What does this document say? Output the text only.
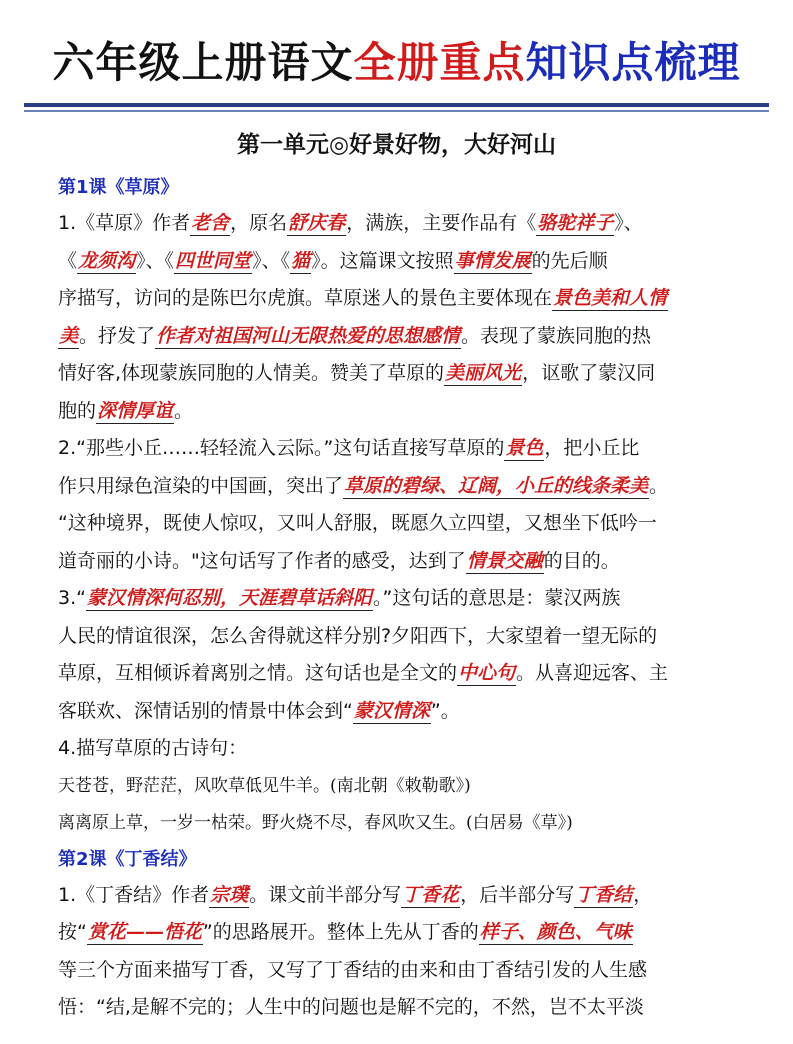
六年级上册语文全册重点知识点梳理
第一单元◎好景好物，大好河山
第1课《草原》
1.《草原》作者老舍，原名舒庆春，满族，主要作品有《骆驼祥子》、
《龙须沟》、《四世同堂》、《猫》。这篇课文按照事情发展的先后顺
序描写，访问的是陈巴尔虎旗。草原迷人的景色主要体现在景色美和人情
美。抒发了作者对祖国河山无限热爱的思想感情。表现了蒙族同胞的热
情好客,体现蒙族同胞的人情美。赞美了草原的美丽风光，讴歌了蒙汉同
胞的深情厚谊。
2.“那些小丘……轻轻流入云际。”这句话直接写草原的景色，把小丘比
作只用绿色渲染的中国画，突出了草原的碧绿、辽阔，小丘的线条柔美。
“这种境界，既使人惊叹，又叫人舒服，既愿久立四望，又想坐下低吟一
道奇丽的小诗。"这句话写了作者的感受，达到了情景交融的目的。
3.“蒙汉情深何忍别，天涯碧草话斜阳。”这句话的意思是：蒙汉两族
人民的情谊很深，怎么舍得就这样分别?夕阳西下，大家望着一望无际的
草原，互相倾诉着离别之情。这句话也是全文的中心句。从喜迎远客、主
客联欢、深情话别的情景中体会到“蒙汉情深”。
4.描写草原的古诗句：
天苍苍，野茫茫，风吹草低见牛羊。(南北朝《敕勒歌》)
离离原上草，一岁一枯荣。野火烧不尽，春风吹又生。(白居易《草》)
第2课《丁香结》
1.《丁香结》作者宗璞。课文前半部分写丁香花，后半部分写丁香结，
按“赏花——悟花”的思路展开。整体上先从丁香的样子、颜色、气味
等三个方面来描写丁香，又写了丁香结的由来和由丁香结引发的人生感
悟：“结,是解不完的；人生中的问题也是解不完的，不然，岂不太平淡
